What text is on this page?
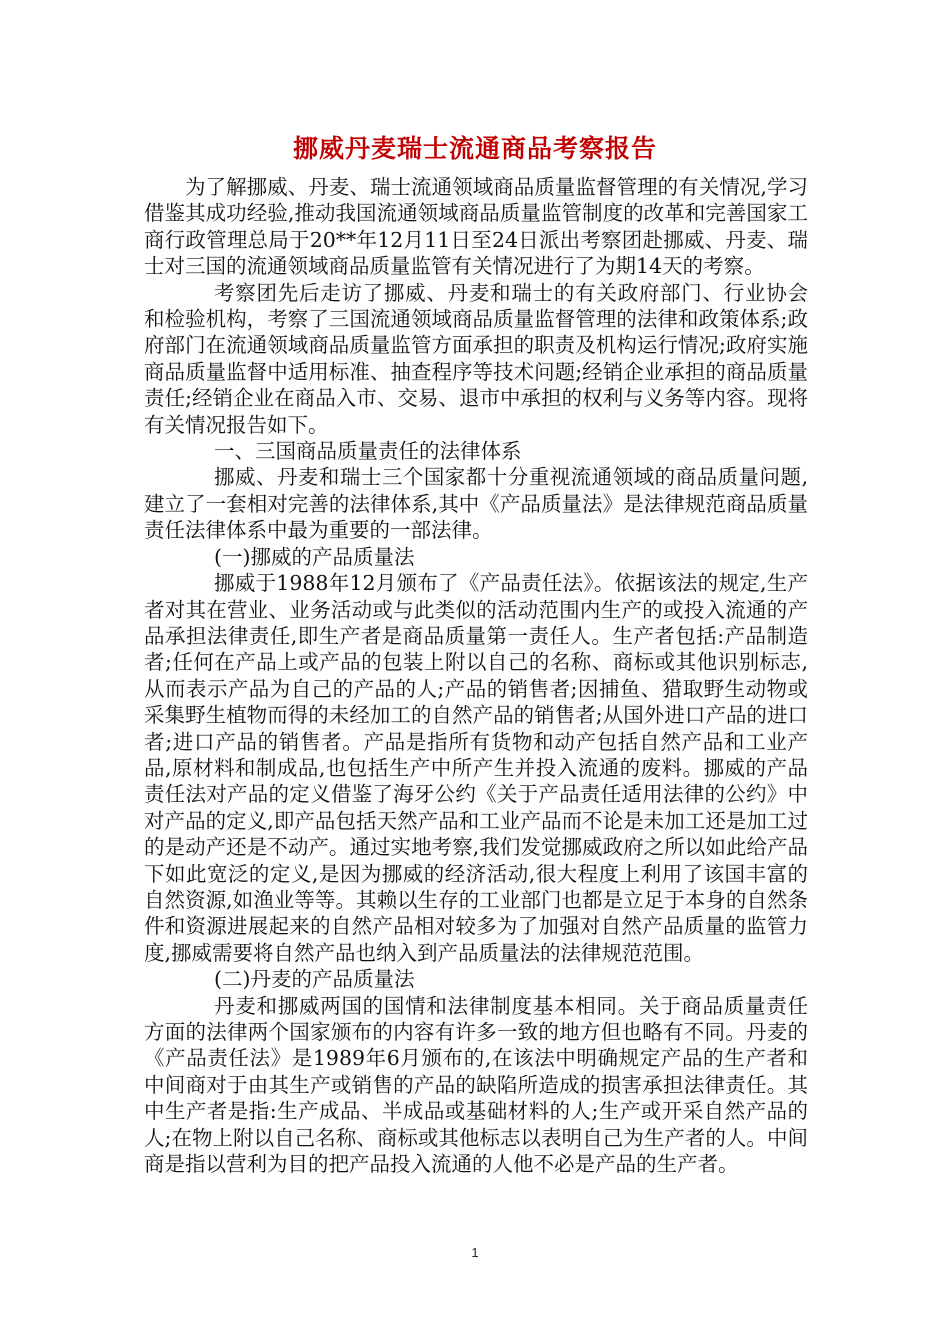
挪威丹麦瑞士流通商品考察报告

为了解挪威、丹麦、瑞士流通领域商品质量监督管理的有关情况,学习借鉴其成功经验,推动我国流通领域商品质量监管制度的改革和完善国家工商行政管理总局于20**年12月11日至24日派出考察团赴挪威、丹麦、瑞士对三国的流通领域商品质量监管有关情况进行了为期14天的考察。

考察团先后走访了挪威、丹麦和瑞士的有关政府部门、行业协会和检验机构，考察了三国流通领域商品质量监督管理的法律和政策体系;政府部门在流通领域商品质量监管方面承担的职责及机构运行情况;政府实施商品质量监督中适用标准、抽查程序等技术问题;经销企业承担的商品质量责任;经销企业在商品入市、交易、退市中承担的权利与义务等内容。现将有关情况报告如下。

一、三国商品质量责任的法律体系

挪威、丹麦和瑞士三个国家都十分重视流通领域的商品质量问题,建立了一套相对完善的法律体系,其中《产品质量法》是法律规范商品质量责任法律体系中最为重要的一部法律。

(一)挪威的产品质量法

挪威于1988年12月颁布了《产品责任法》。依据该法的规定,生产者对其在营业、业务活动或与此类似的活动范围内生产的或投入流通的产品承担法律责任,即生产者是商品质量第一责任人。生产者包括:产品制造者;任何在产品上或产品的包装上附以自己的名称、商标或其他识别标志,从而表示产品为自己的产品的人;产品的销售者;因捕鱼、猎取野生动物或采集野生植物而得的未经加工的自然产品的销售者;从国外进口产品的进口者;进口产品的销售者。产品是指所有货物和动产包括自然产品和工业产品,原材料和制成品,也包括生产中所产生并投入流通的废料。挪威的产品责任法对产品的定义借鉴了海牙公约《关于产品责任适用法律的公约》中对产品的定义,即产品包括天然产品和工业产品而不论是未加工还是加工过的是动产还是不动产。通过实地考察,我们发觉挪威政府之所以如此给产品下如此宽泛的定义,是因为挪威的经济活动,很大程度上利用了该国丰富的自然资源,如渔业等等。其赖以生存的工业部门也都是立足于本身的自然条件和资源进展起来的自然产品相对较多为了加强对自然产品质量的监管力度,挪威需要将自然产品也纳入到产品质量法的法律规范范围。

(二)丹麦的产品质量法

丹麦和挪威两国的国情和法律制度基本相同。关于商品质量责任方面的法律两个国家颁布的内容有许多一致的地方但也略有不同。丹麦的《产品责任法》是1989年6月颁布的,在该法中明确规定产品的生产者和中间商对于由其生产或销售的产品的缺陷所造成的损害承担法律责任。其中生产者是指:生产成品、半成品或基础材料的人;生产或开采自然产品的人;在物上附以自己名称、商标或其他标志以表明自己为生产者的人。中间商是指以营利为目的把产品投入流通的人他不必是产品的生产者。

1
